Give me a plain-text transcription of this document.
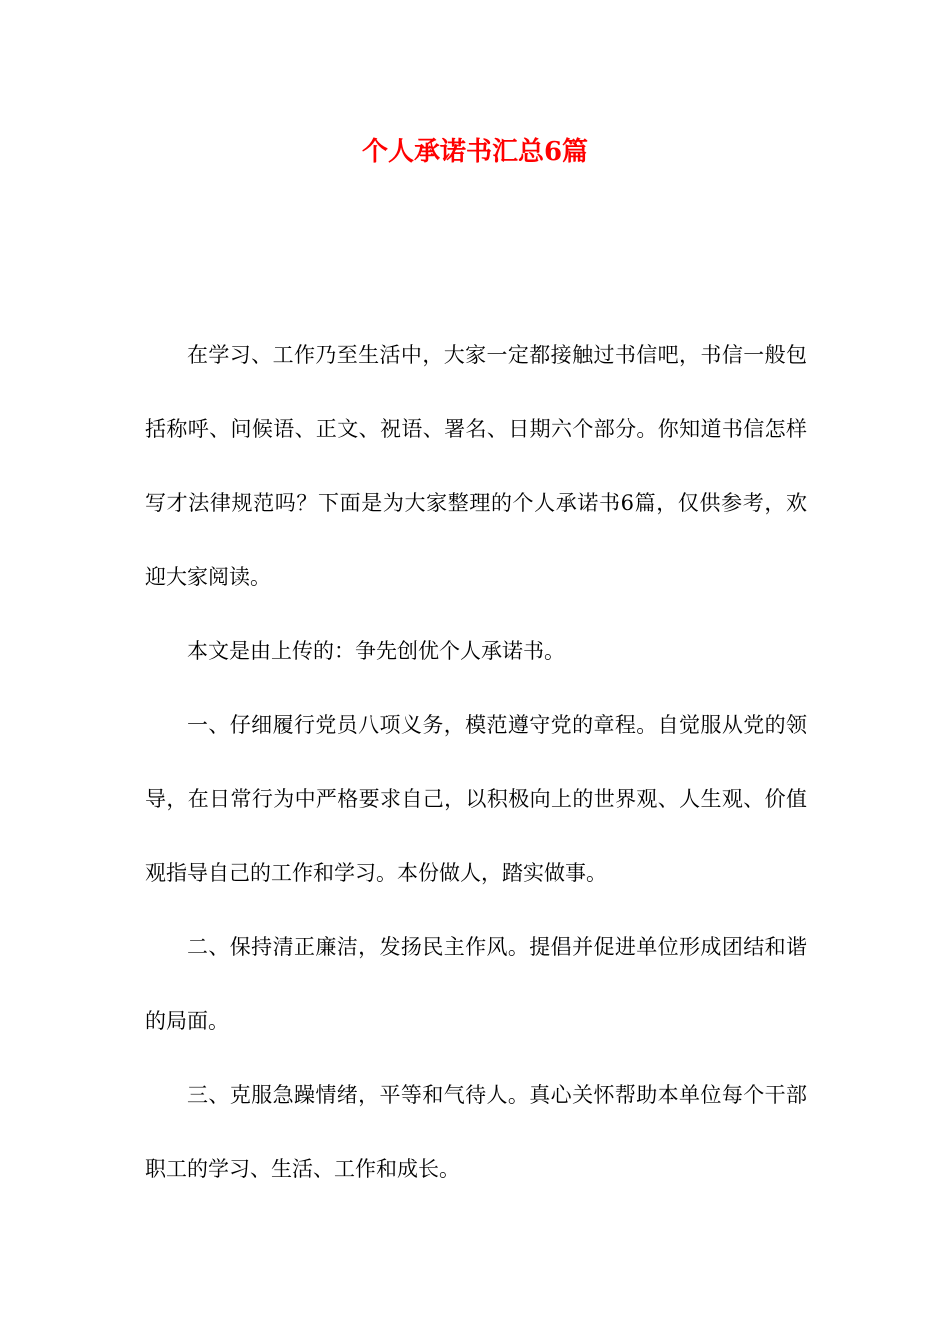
个人承诺书汇总6篇

在学习、工作乃至生活中，大家一定都接触过书信吧，书信一般包括称呼、问候语、正文、祝语、署名、日期六个部分。你知道书信怎样写才法律规范吗？下面是为大家整理的个人承诺书6篇，仅供参考，欢迎大家阅读。

本文是由上传的：争先创优个人承诺书。

一、仔细履行党员八项义务，模范遵守党的章程。自觉服从党的领导，在日常行为中严格要求自己，以积极向上的世界观、人生观、价值观指导自己的工作和学习。本份做人，踏实做事。

二、保持清正廉洁，发扬民主作风。提倡并促进单位形成团结和谐的局面。

三、克服急躁情绪，平等和气待人。真心关怀帮助本单位每个干部职工的学习、生活、工作和成长。
